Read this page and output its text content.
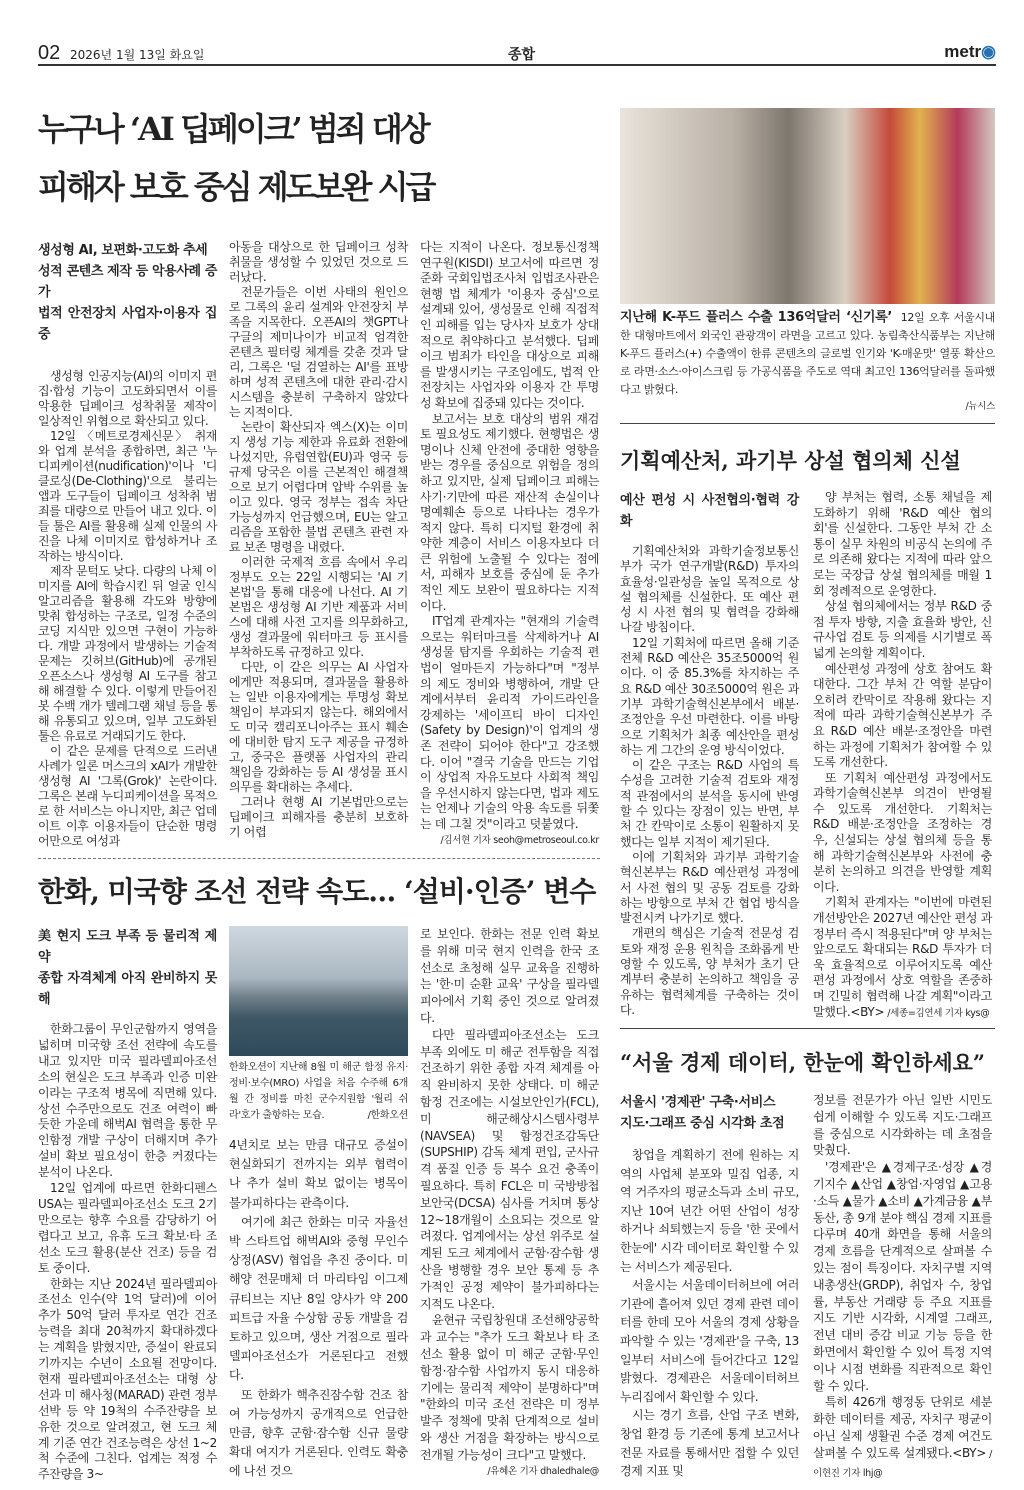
02 2026년 1월 13일 화요일	종합	metr◉
누구나 ‘AI 딥페이크’ 범죄 대상
피해자 보호 중심 제도보완 시급
생성형 AI, 보편화·고도화 추세
성적 콘텐츠 제작 등 악용사례 증가
법적 안전장치 사업자·이용자 집중

생성형 인공지능(AI)의 이미지 편집·합성 기능이 고도화되면서 이를 악용한 딥페이크 성착취물 제작이 일상적인 위협으로 확산되고 있다.

12일 〈메트로경제신문〉 취재와 업계 분석을 종합하면, 최근 '누디피케이션(nudification)'이나 '디클로싱(De-Clothing)'으로 불리는 앱과 도구들이 딥페이크 성착취 범죄를 대량으로 만들어 내고 있다. 이들 툴은 AI를 활용해 실제 인물의 사진을 나체 이미지로 합성하거나 조작하는 방식이다.

제작 문턱도 낮다. 다량의 나체 이미지를 AI에 학습시킨 뒤 얼굴 인식 알고리즘을 활용해 각도와 방향에 맞춰 합성하는 구조로, 일정 수준의 코딩 지식만 있으면 구현이 가능하다. 개발 과정에서 발생하는 기술적 문제는 깃허브(GitHub)에 공개된 오픈소스나 생성형 AI 도구를 참고해 해결할 수 있다. 이렇게 만들어진 봇 수백 개가 텔레그램 채널 등을 통해 유통되고 있으며, 일부 고도화된 툴은 유료로 거래되기도 한다.

이 같은 문제를 단적으로 드러낸 사례가 일론 머스크의 xAI가 개발한 생성형 AI '그록(Grok)' 논란이다. 그록은 본래 누디피케이션을 목적으로 한 서비스는 아니지만, 최근 업데이트 이후 이용자들이 단순한 명령어만으로 여성과

아동을 대상으로 한 딥페이크 성착취물을 생성할 수 있었던 것으로 드러났다.

전문가들은 이번 사태의 원인으로 그록의 윤리 설계와 안전장치 부족을 지목한다. 오픈AI의 챗GPT나 구글의 제미나이가 비교적 엄격한 콘텐츠 필터링 체계를 갖춘 것과 달리, 그록은 '덜 검열하는 AI'를 표방하며 성적 콘텐츠에 대한 관리·감시 시스템을 충분히 구축하지 않았다는 지적이다.

논란이 확산되자 엑스(X)는 이미지 생성 기능 제한과 유료화 전환에 나섰지만, 유럽연합(EU)과 영국 등 규제 당국은 이를 근본적인 해결책으로 보기 어렵다며 압박 수위를 높이고 있다. 영국 정부는 접속 차단 가능성까지 언급했으며, EU는 알고리즘을 포함한 불법 콘텐츠 관련 자료 보존 명령을 내렸다.

이러한 국제적 흐름 속에서 우리 정부도 오는 22일 시행되는 'AI 기본법'을 통해 대응에 나선다. AI 기본법은 생성형 AI 기반 제품과 서비스에 대해 사전 고지를 의무화하고, 생성 결과물에 워터마크 등 표시를 부착하도록 규정하고 있다.

다만, 이 같은 의무는 AI 사업자에게만 적용되며, 결과물을 활용하는 일반 이용자에게는 투명성 확보 책임이 부과되지 않는다. 해외에서도 미국 캘리포니아주는 표시 훼손에 대비한 탐지 도구 제공을 규정하고, 중국은 플랫폼 사업자의 관리 책임을 강화하는 등 AI 생성물 표시 의무를 확대하는 추세다.

그러나 현행 AI 기본법만으로는 딥페이크 피해자를 충분히 보호하기 어렵

다는 지적이 나온다. 정보통신정책연구원(KISDI) 보고서에 따르면 정준화 국회입법조사처 입법조사관은 현행 법 체계가 '이용자 중심'으로 설계돼 있어, 생성물로 인해 직접적인 피해를 입는 당사자 보호가 상대적으로 취약하다고 분석했다. 딥페이크 범죄가 타인을 대상으로 피해를 발생시키는 구조임에도, 법적 안전장치는 사업자와 이용자 간 투명성 확보에 집중돼 있다는 것이다.

보고서는 보호 대상의 범위 재검토 필요성도 제기했다. 현행법은 생명이나 신체 안전에 중대한 영향을 받는 경우를 중심으로 위험을 정의하고 있지만, 실제 딥페이크 피해는 사기·기만에 따른 재산적 손실이나 명예훼손 등으로 나타나는 경우가 적지 않다. 특히 디지털 환경에 취약한 계층이 서비스 이용자보다 더 큰 위험에 노출될 수 있다는 점에서, 피해자 보호를 중심에 둔 추가적인 제도 보완이 필요하다는 지적이다.

IT업계 관계자는 "현재의 기술력으로는 워터마크를 삭제하거나 AI 생성물 탐지를 우회하는 기술적 편법이 얼마든지 가능하다"며 "정부의 제도 정비와 병행하여, 개발 단계에서부터 윤리적 가이드라인을 강제하는 '세이프티 바이 디자인(Safety by Design)'이 업계의 생존 전략이 되어야 한다"고 강조했다. 이어 "결국 기술을 만드는 기업이 상업적 자유도보다 사회적 책임을 우선시하지 않는다면, 법과 제도는 언제나 기술의 악용 속도를 뒤쫓는 데 그칠 것"이라고 덧붙였다.

/김서현 기자 seoh@metroseoul.co.kr
지난해 K-푸드 플러스 수출 136억달러 ‘신기록’ 12일 오후 서울시내 한 대형마트에서 외국인 관광객이 라면을 고르고 있다. 농림축산식품부는 지난해 K-푸드 플러스(+) 수출액이 한류 콘텐츠의 글로벌 인기와 'K-매운맛' 열풍 확산으로 라면·소스·아이스크림 등 가공식품을 주도로 역대 최고인 136억달러를 돌파했다고 밝혔다.
/뉴시스
기획예산처, 과기부 상설 협의체 신설
예산 편성 시 사전협의·협력 강화

기획예산처와 과학기술정보통신부가 국가 연구개발(R&D) 투자의 효율성·일관성을 높일 목적으로 상설 협의체를 신설한다. 또 예산 편성 시 사전 협의 및 협력을 강화해 나갈 방침이다.

12일 기획처에 따르면 올해 기준 전체 R&D 예산은 35조5000억 원이다. 이 중 85.3%를 차지하는 주요 R&D 예산 30조5000억 원은 과기부 과학기술혁신본부에서 배분·조정안을 우선 마련한다. 이를 바탕으로 기획처가 최종 예산안을 편성하는 게 그간의 운영 방식이었다.

이 같은 구조는 R&D 사업의 특수성을 고려한 기술적 검토와 재정적 관점에서의 분석을 동시에 반영할 수 있다는 장점이 있는 반면, 부처 간 칸막이로 소통이 원활하지 못 했다는 일부 지적이 제기된다.

이에 기획처와 과기부 과학기술혁신본부는 R&D 예산편성 과정에서 사전 협의 및 공동 검토를 강화하는 방향으로 부처 간 협업 방식을 발전시켜 나가기로 했다.

개편의 핵심은 기술적 전문성 검토와 재정 운용 원칙을 조화롭게 반영할 수 있도록, 양 부처가 초기 단계부터 충분히 논의하고 책임을 공유하는 협력체계를 구축하는 것이다.

양 부처는 협력, 소통 채널을 제도화하기 위해 'R&D 예산 협의회'를 신설한다. 그동안 부처 간 소통이 실무 차원의 비공식 논의에 주로 의존해 왔다는 지적에 따라 앞으로는 국장급 상설 협의체를 매월 1회 정례적으로 운영한다.

상설 협의체에서는 정부 R&D 중점 투자 방향, 지출 효율화 방안, 신규사업 검토 등 의제를 시기별로 폭넓게 논의할 계획이다.

예산편성 과정에 상호 참여도 확대한다. 그간 부처 간 역할 분담이 오히려 칸막이로 작용해 왔다는 지적에 따라 과학기술혁신본부가 주요 R&D 예산 배분·조정안을 마련하는 과정에 기획처가 참여할 수 있도록 개선한다.

또 기획처 예산편성 과정에서도 과학기술혁신본부 의견이 반영될 수 있도록 개선한다. 기획처는 R&D 배분·조정안을 조정하는 경우, 신설되는 상설 협의체 등을 통해 과학기술혁신본부와 사전에 충분히 논의하고 의견을 반영할 계획이다.

기획처 관계자는 "이번에 마련된 개선방안은 2027년 예산안 편성 과정부터 즉시 적용된다"며 양 부처는 앞으로도 확대되는 R&D 투자가 더욱 효율적으로 이루어지도록 예산편성 과정에서 상호 역할을 존중하며 긴밀히 협력해 나갈 계획"이라고 말했다.<BY> /세종=김연세 기자 kys@

한화, 미국향 조선 전략 속도… ‘설비·인증’ 변수
美 현지 도크 부족 등 물리적 제약
종합 자격체계 아직 완비하지 못해

한화그룹이 무인군함까지 영역을 넓히며 미국향 조선 전략에 속도를 내고 있지만 미국 필라델피아조선소의 현실은 도크 부족과 인증 미완이라는 구조적 병목에 직면해 있다. 상선 수주만으로도 건조 여력이 빠듯한 가운데 해벅AI 협력을 통한 무인함정 개발 구상이 더해지며 추가 설비 확보 필요성이 한층 커졌다는 분석이 나온다.

12일 업계에 따르면 한화디펜스USA는 필라델피아조선소 도크 2기만으로는 향후 수요를 감당하기 어렵다고 보고, 유휴 도크 확보·타 조선소 도크 활용(분산 건조) 등을 검토 중이다.

한화는 지난 2024년 필라델피아조선소 인수(약 1억 달러)에 이어 추가 50억 달러 투자로 연간 건조능력을 최대 20척까지 확대하겠다는 계획을 밝혔지만, 증설이 완료되기까지는 수년이 소요될 전망이다. 현재 필라델피아조선소는 대형 상선과 미 해사청(MARAD) 관련 정부 선박 등 약 19척의 수주잔량을 보유한 것으로 알려졌고, 현 도크 체계 기준 연간 건조능력은 상선 1~2척 수준에 그친다. 업계는 적정 수주잔량을 3~

한화오션이 지난해 8월 미 해군 함정 유지·정비·보수(MRO) 사업을 처음 수주해 6개월 간 정비를 마친 군수지원함 '월리 쉬라'호가 출항하는 모습.	/한화오션

4년치로 보는 만큼 대규모 증설이 현실화되기 전까지는 외부 협력이나 추가 설비 확보 없이는 병목이 불가피하다는 관측이다.

여기에 최근 한화는 미국 자율선박 스타트업 해벅AI와 중형 무인수상정(ASV) 협업을 추진 중이다. 미 해양 전문매체 더 마리타임 이그제큐티브는 지난 8일 양사가 약 200피트급 자율 수상함 공동 개발을 검토하고 있으며, 생산 거점으로 필라델피아조선소가 거론된다고 전했다.

또 한화가 핵추진잠수함 건조 참여 가능성까지 공개적으로 언급한 만큼, 향후 군함·잠수함 신규 물량 확대 여지가 거론된다. 인력도 확충에 나선 것으

로 보인다. 한화는 전문 인력 확보를 위해 미국 현지 인력을 한국 조선소로 초청해 실무 교육을 진행하는 '한·미 순환 교육' 구상을 필라델피아에서 기획 중인 것으로 알려졌다.

다만 필라델피아조선소는 도크 부족 외에도 미 해군 전투함을 직접 건조하기 위한 종합 자격 체계를 아직 완비하지 못한 상태다. 미 해군 함정 건조에는 시설보안인가(FCL), 미 해군해상시스템사령부(NAVSEA) 및 함정건조감독단(SUPSHIP) 감독 체계 편입, 군사규격 품질 인증 등 복수 요건 충족이 필요하다. 특히 FCL은 미 국방방첩보안국(DCSA) 심사를 거치며 통상 12~18개월이 소요되는 것으로 알려졌다. 업계에서는 상선 위주로 설계된 도크 체계에서 군함·잠수함 생산을 병행할 경우 보안 통제 등 추가적인 공정 제약이 불가피하다는 지적도 나온다.

윤현규 국립창원대 조선해양공학과 교수는 "추가 도크 확보나 타 조선소 활용 없이 미 해군 군함·무인함정·잠수함 사업까지 동시 대응하기에는 물리적 제약이 분명하다"며 "한화의 미국 조선 전략은 미 정부 발주 정책에 맞춰 단계적으로 설비와 생산 거점을 확장하는 방식으로 전개될 가능성이 크다"고 말했다.

/유혜온 기자 dhaledhale@
“서울 경제 데이터, 한눈에 확인하세요”
서울시 '경제관' 구축·서비스
지도·그래프 중심 시각화 초점

창업을 계획하기 전에 원하는 지역의 사업체 분포와 밀집 업종, 지역 거주자의 평균소득과 소비 규모, 지난 10여 년간 어떤 산업이 성장하거나 쇠퇴했는지 등을 '한 곳에서 한눈에' 시각 데이터로 확인할 수 있는 서비스가 제공된다.

서울시는 서울데이터허브에 여러 기관에 흩어져 있던 경제 관련 데이터를 한데 모아 서울의 경제 상황을 파악할 수 있는 '경제관'을 구축, 13일부터 서비스에 들어간다고 12일 밝혔다. 경제관은 서울데이터허브 누리집에서 확인할 수 있다.

시는 경기 흐름, 산업 구조 변화, 창업 환경 등 기존에 통계 보고서나 전문 자료를 통해서만 접할 수 있던 경제 지표 및

정보를 전문가가 아닌 일반 시민도 쉽게 이해할 수 있도록 지도·그래프를 중심으로 시각화하는 데 초점을 맞췄다.

'경제관'은 ▲경제구조·성장 ▲경기지수 ▲산업 ▲창업·자영업 ▲고용·소득 ▲물가 ▲소비 ▲가계금융 ▲부동산, 총 9개 분야 핵심 경제 지표를 다루며 40개 화면을 통해 서울의 경제 흐름을 단계적으로 살펴볼 수 있는 점이 특징이다. 자치구별 지역내총생산(GRDP), 취업자 수, 창업률, 부동산 거래량 등 주요 지표를 지도 기반 시각화, 시계열 그래프, 전년 대비 증감 비교 기능 등을 한 화면에서 확인할 수 있어 특정 지역이나 시점 변화를 직관적으로 확인할 수 있다.

특히 426개 행정동 단위로 세분화한 데이터를 제공, 자치구 평균이 아닌 실제 생활권 수준 경제 여건도 살펴볼 수 있도록 설계됐다.<BY> /이현진 기자 lhj@
